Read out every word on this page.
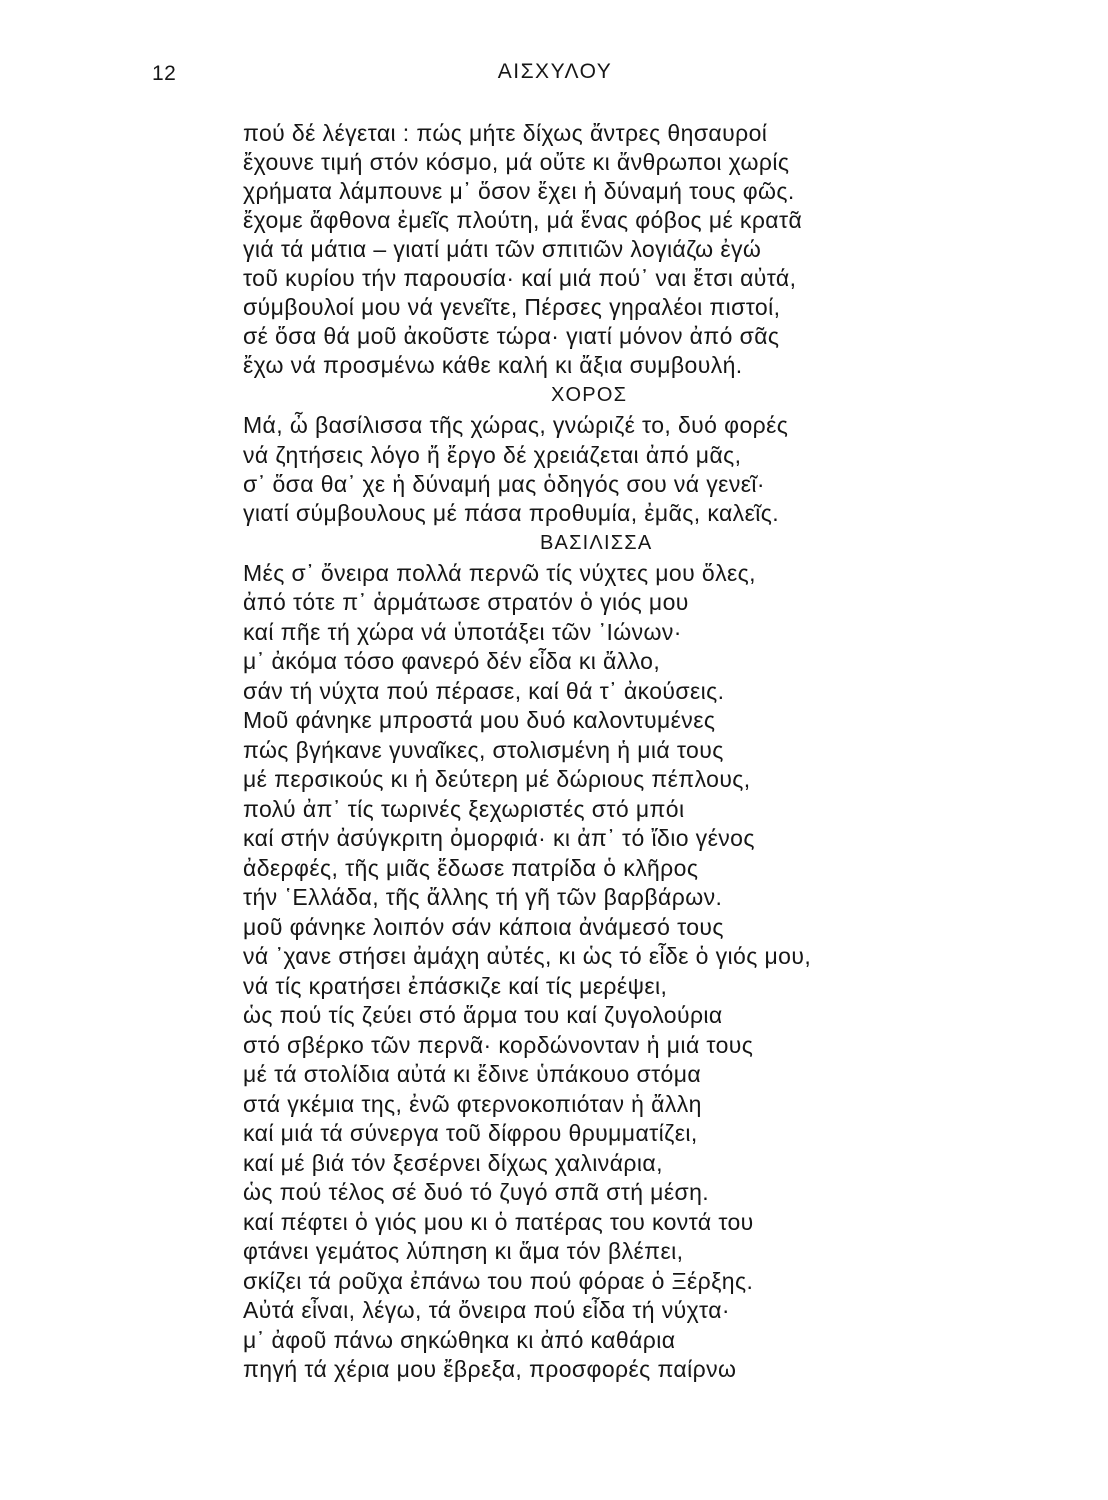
12	ΑΙΣΧΥΛΟΥ
πού δέ λέγεται : πώς μήτε δίχως ἄντρες θησαυροί
ἔχουνε τιμή στόν κόσμο, μά οὔτε κι ἄνθρωποι χωρίς
χρήματα λάμπουνε μ᾿ ὅσον ἔχει ἡ δύναμή τους φῶς.
ἔχομε ἄφθονα ἐμεῖς πλούτη, μά ἕνας φόβος μέ κρατᾶ
γιά τά μάτια – γιατί μάτι τῶν σπιτιῶν λογιάζω ἐγώ
τοῦ κυρίου τήν παρουσία· καί μιά πού᾿ ναι ἔτσι αὐτά,
σύμβουλοί μου νά γενεῖτε, Πέρσες γηραλέοι πιστοί,
σέ ὅσα θά μοῦ ἀκοῦστε τώρα· γιατί μόνον ἀπό σᾶς
ἔχω νά προσμένω κάθε καλή κι ἄξια συμβουλή.
ΧΟΡΟΣ
Μά, ὦ βασίλισσα τῆς χώρας, γνώριζέ το, δυό φορές
νά ζητήσεις λόγο ἤ ἔργο δέ χρειάζεται ἀπό μᾶς,
σ᾿ ὅσα θα᾿ χε ἡ δύναμή μας ὁδηγός σου νά γενεῖ·
γιατί σύμβουλους μέ πάσα προθυμία, ἐμᾶς, καλεῖς.
ΒΑΣΙΛΙΣΣΑ
Μές σ᾿ ὄνειρα πολλά περνῶ τίς νύχτες μου ὅλες,
ἀπό τότε π᾿ ἁρμάτωσε στρατόν ὁ γιός μου
καί πῆε τή χώρα νά ὑποτάξει τῶν ᾿Ιώνων·
μ᾿ ἀκόμα τόσο φανερό δέν εἶδα κι ἄλλο,
σάν τή νύχτα πού πέρασε, καί θά τ᾿ ἀκούσεις.
Μοῦ φάνηκε μπροστά μου δυό καλοντυμένες
πώς βγήκανε γυναῖκες, στολισμένη ἡ μιά τους
μέ περσικούς κι ἡ δεύτερη μέ δώριους πέπλους,
πολύ ἀπ᾿ τίς τωρινές ξεχωριστές στό μπόι
καί στήν ἀσύγκριτη ὀμορφιά· κι ἀπ᾿ τό ἴδιο γένος
ἀδερφές, τῆς μιᾶς ἔδωσε πατρίδα ὁ κλῆρος
τήν ῾Ελλάδα, τῆς ἄλλης τή γῆ τῶν βαρβάρων.
μοῦ φάνηκε λοιπόν σάν κάποια ἀνάμεσό τους
νά ᾿χανε στήσει ἀμάχη αὐτές, κι ὡς τό εἶδε ὁ γιός μου,
νά τίς κρατήσει ἐπάσκιζε καί τίς μερέψει,
ὡς πού τίς ζεύει στό ἅρμα του καί ζυγολούρια
στό σβέρκο τῶν περνᾶ· κορδώνονταν ἡ μιά τους
μέ τά στολίδια αὐτά κι ἔδινε ὑπάκουο στόμα
στά γκέμια της, ἐνῶ φτερνοκοπιόταν ἡ ἄλλη
καί μιά τά σύνεργα τοῦ δίφρου θρυμματίζει,
καί μέ βιά τόν ξεσέρνει δίχως χαλινάρια,
ὡς πού τέλος σέ δυό τό ζυγό σπᾶ στή μέση.
καί πέφτει ὁ γιός μου κι ὁ πατέρας του κοντά του
φτάνει γεμάτος λύπηση κι ἅμα τόν βλέπει,
σκίζει τά ροῦχα ἐπάνω του πού φόραε ὁ Ξέρξης.
Αὐτά εἶναι, λέγω, τά ὄνειρα πού εἶδα τή νύχτα·
μ᾿ ἀφοῦ πάνω σηκώθηκα κι ἀπό καθάρια
πηγή τά χέρια μου ἔβρεξα, προσφορές παίρνω
